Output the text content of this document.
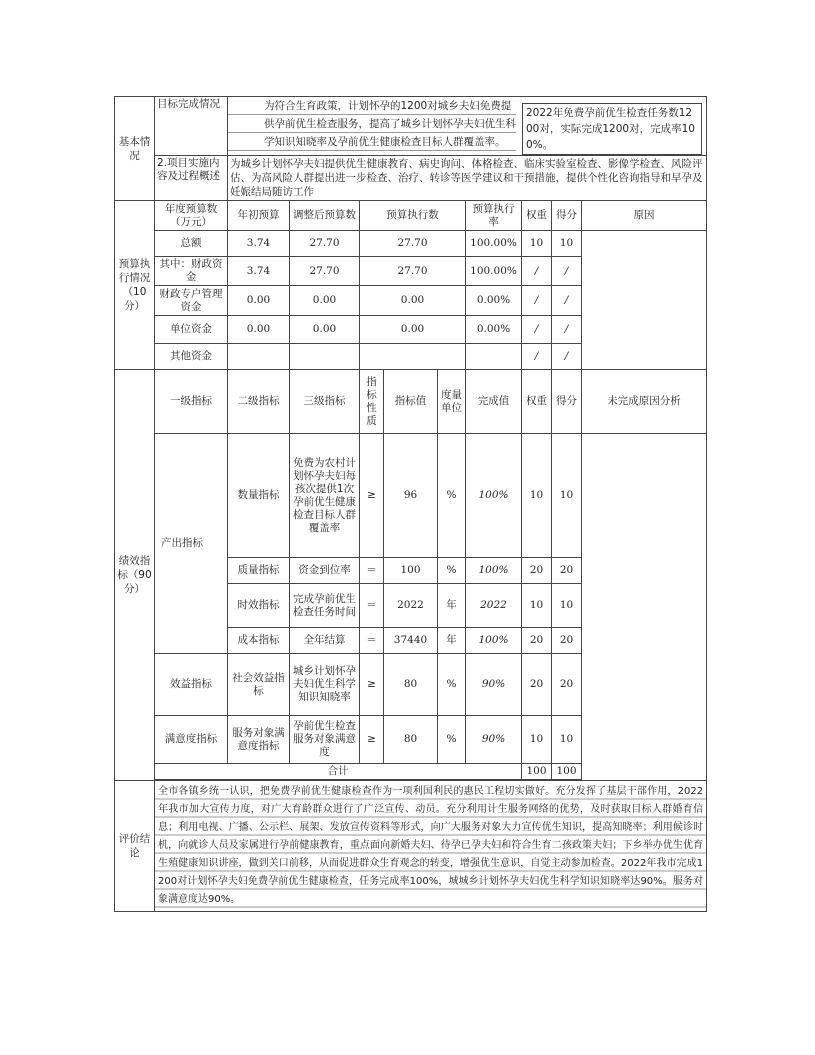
基本情况	目标完成情况	为符合生育政策，计划怀孕的1200对城乡夫妇免费提供孕前优生检查服务，提高了城乡计划怀孕夫妇优生科学知识知晓率及孕前优生健康检查目标人群覆盖率。
2022年免费孕前优生检查任务数1200对，实际完成1200对，完成率100%。								

	2.项目实施内容及过程概述	为城乡计划怀孕夫妇提供优生健康教育、病史询问、体格检查、临床实验室检查、影像学检查、风险评估、为高风险人群提出进一步检查、治疗、转诊等医学建议和干预措施，提供个性化咨询指导和早孕及妊娠结局随访工作								
预算执行情况（10分）	年度预算数（万元）	年初预算	调整后预算数	预算执行数			预算执行率	权重	得分	原因
	总额	3.74	27.70	27.70			100.00%	10	10	
	其中：财政资金	3.74	27.70	27.70			100.00%	/	/	
	财政专户管理资金	0.00	0.00	0.00			0.00%	/	/	
	单位资金	0.00	0.00	0.00			0.00%	/	/	
	其他资金							/	/	
绩效指标（90分）	一级指标	二级指标	三级指标	指标性质	指标值	度量单位	完成值	权重	得分	未完成原因分析
	产出指标	数量指标	免费为农村计划怀孕夫妇每孩次提供1次孕前优生健康检查目标人群覆盖率	≥	96	%	100%	10	10	
		质量指标	资金到位率	＝	100	%	100%	20	20	
		时效指标	完成孕前优生检查任务时间	＝	2022	年	2022	10	10	
		成本指标	全年结算	＝	37440	年	100%	20	20	
	效益指标	社会效益指标	城乡计划怀孕夫妇优生科学知识知晓率	≥	80	%	90%	20	20	
	满意度指标	服务对象满意度指标	孕前优生检查服务对象满意度	≥	80	%	90%	10	10	
	合计							100	100	

评价结论	全市各镇乡统一认识，把免费孕前优生健康检查作为一项利国利民的惠民工程切实做好。充分发挥了基层干部作用，2022年我市加大宣传力度，对广大育龄群众进行了广泛宣传、动员。充分利用计生服务网络的优势，及时获取目标人群婚育信息；利用电视、广播、公示栏、展架、发放宣传资料等形式，向广大服务对象大力宣传优生知识，提高知晓率；利用候诊时机，向就诊人员及家属进行孕前健康教育，重点面向新婚夫妇、待孕已孕夫妇和符合生育二孩政策夫妇；下乡举办优生优育生殖健康知识讲座，做到关口前移，从而促进群众生育观念的转变，增强优生意识，自觉主动参加检查。2022年我市完成1200对计划怀孕夫妇免费孕前优生健康检查，任务完成率100%，城城乡计划怀孕夫妇优生科学知识知晓率达90%。服务对象满意度达90%。									
